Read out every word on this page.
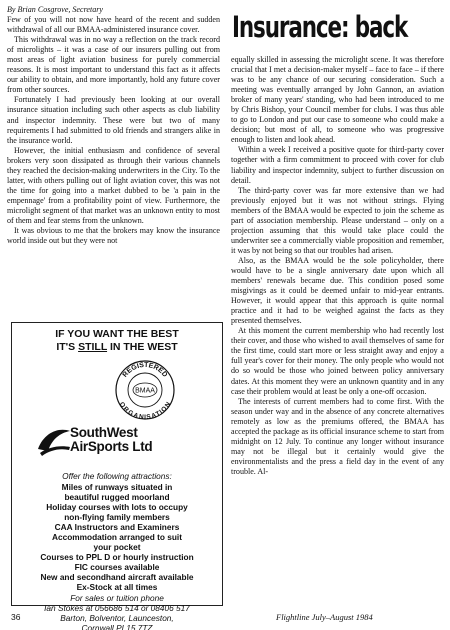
By Brian Cosgrove, Secretary

Few of you will not now have heard of the recent and sudden withdrawal of all our BMAA-administered insurance cover.

This withdrawal was in no way a reflection on the track record of microlights – it was a case of our insurers pulling out from most areas of light aviation business for purely commercial reasons. It is most important to understand this fact as it affects our ability to obtain, and more importantly, hold any future cover from other sources.

Fortunately I had previously been looking at our overall insurance situation including such other aspects as club liability and inspector indemnity. These were but two of many requirements I had submitted to old friends and strangers alike in the insurance world.

However, the initial enthusiasm and confidence of several brokers very soon dissipated as through their various channels they reached the decision-making underwriters in the City. To the latter, with others pulling out of light aviation cover, this was not the time for going into a market dubbed to be 'a pain in the empennage' from a profitability point of view. Furthermore, the microlight segment of that market was an unknown entity to most of them and fear stems from the unknown.

It was obvious to me that the brokers may know the insurance world inside out but they were not

Insurance: back

equally skilled in assessing the microlight scene. It was therefore crucial that I met a decision-maker myself – face to face – if there was to be any chance of our securing consideration. Such a meeting was eventually arranged by John Gannon, an aviation broker of many years' standing, who had been introduced to me by Chris Bishop, your Council member for clubs. I was thus able to go to London and put our case to someone who could make a decision; but most of all, to someone who was progressive enough to listen and look ahead.

Within a week I received a positive quote for third-party cover together with a firm commitment to proceed with cover for club liability and inspector indemnity, subject to further discussion on detail.

The third-party cover was far more extensive than we had previously enjoyed but it was not without strings. Flying members of the BMAA would be expected to join the scheme as part of association membership. Please understand – only on a projection assuming that this would take place could the underwriter see a commercially viable proposition and remember, it was by not being so that our troubles had arisen.

Also, as the BMAA would be the sole policyholder, there would have to be a single anniversary date upon which all members' renewals became due. This condition posed some misgivings as it could be deemed unfair to mid-year entrants. However, it would appear that this approach is quite normal practice and it had to be weighed against the facts as they presented themselves.

At this moment the current membership who had recently lost their cover, and those who wished to avail themselves of same for the first time, could start more or less straight away and enjoy a full year's cover for their money. The only people who would not do so would be those who joined between policy anniversary dates. At this moment they were an unknown quantity and in any case their problem would at least be only a one-off occasion.

The interests of current members had to come first. With the season under way and in the absence of any concrete alternatives remotely as low as the premiums offered, the BMAA has accepted the package as its official insurance scheme to start from midnight on 12 July. To continue any longer without insurance may not be illegal but it certainly would give the environmentalists and the press a field day in the event of any trouble. Al-

IF YOU WANT THE BEST
IT'S STILL IN THE WEST
REGISTERED
ORGANISATION
BMAA
SouthWest
AirSports Ltd
Offer the following attractions:
Miles of runways situated in
beautiful rugged moorland
Holiday courses with lots to occupy
non-flying family members
CAA Instructors and Examiners
Accommodation arranged to suit
your pocket
Courses to PPL D or hourly instruction
FIC courses available
New and secondhand aircraft available
Ex-Stock at all times
For sales or tuition phone
Ian Stokes at 056686 514 or 08406 517
Barton, Bolventor, Launceston,
Cornwall PL15 7TZ
36	Flightline July–August 1984
